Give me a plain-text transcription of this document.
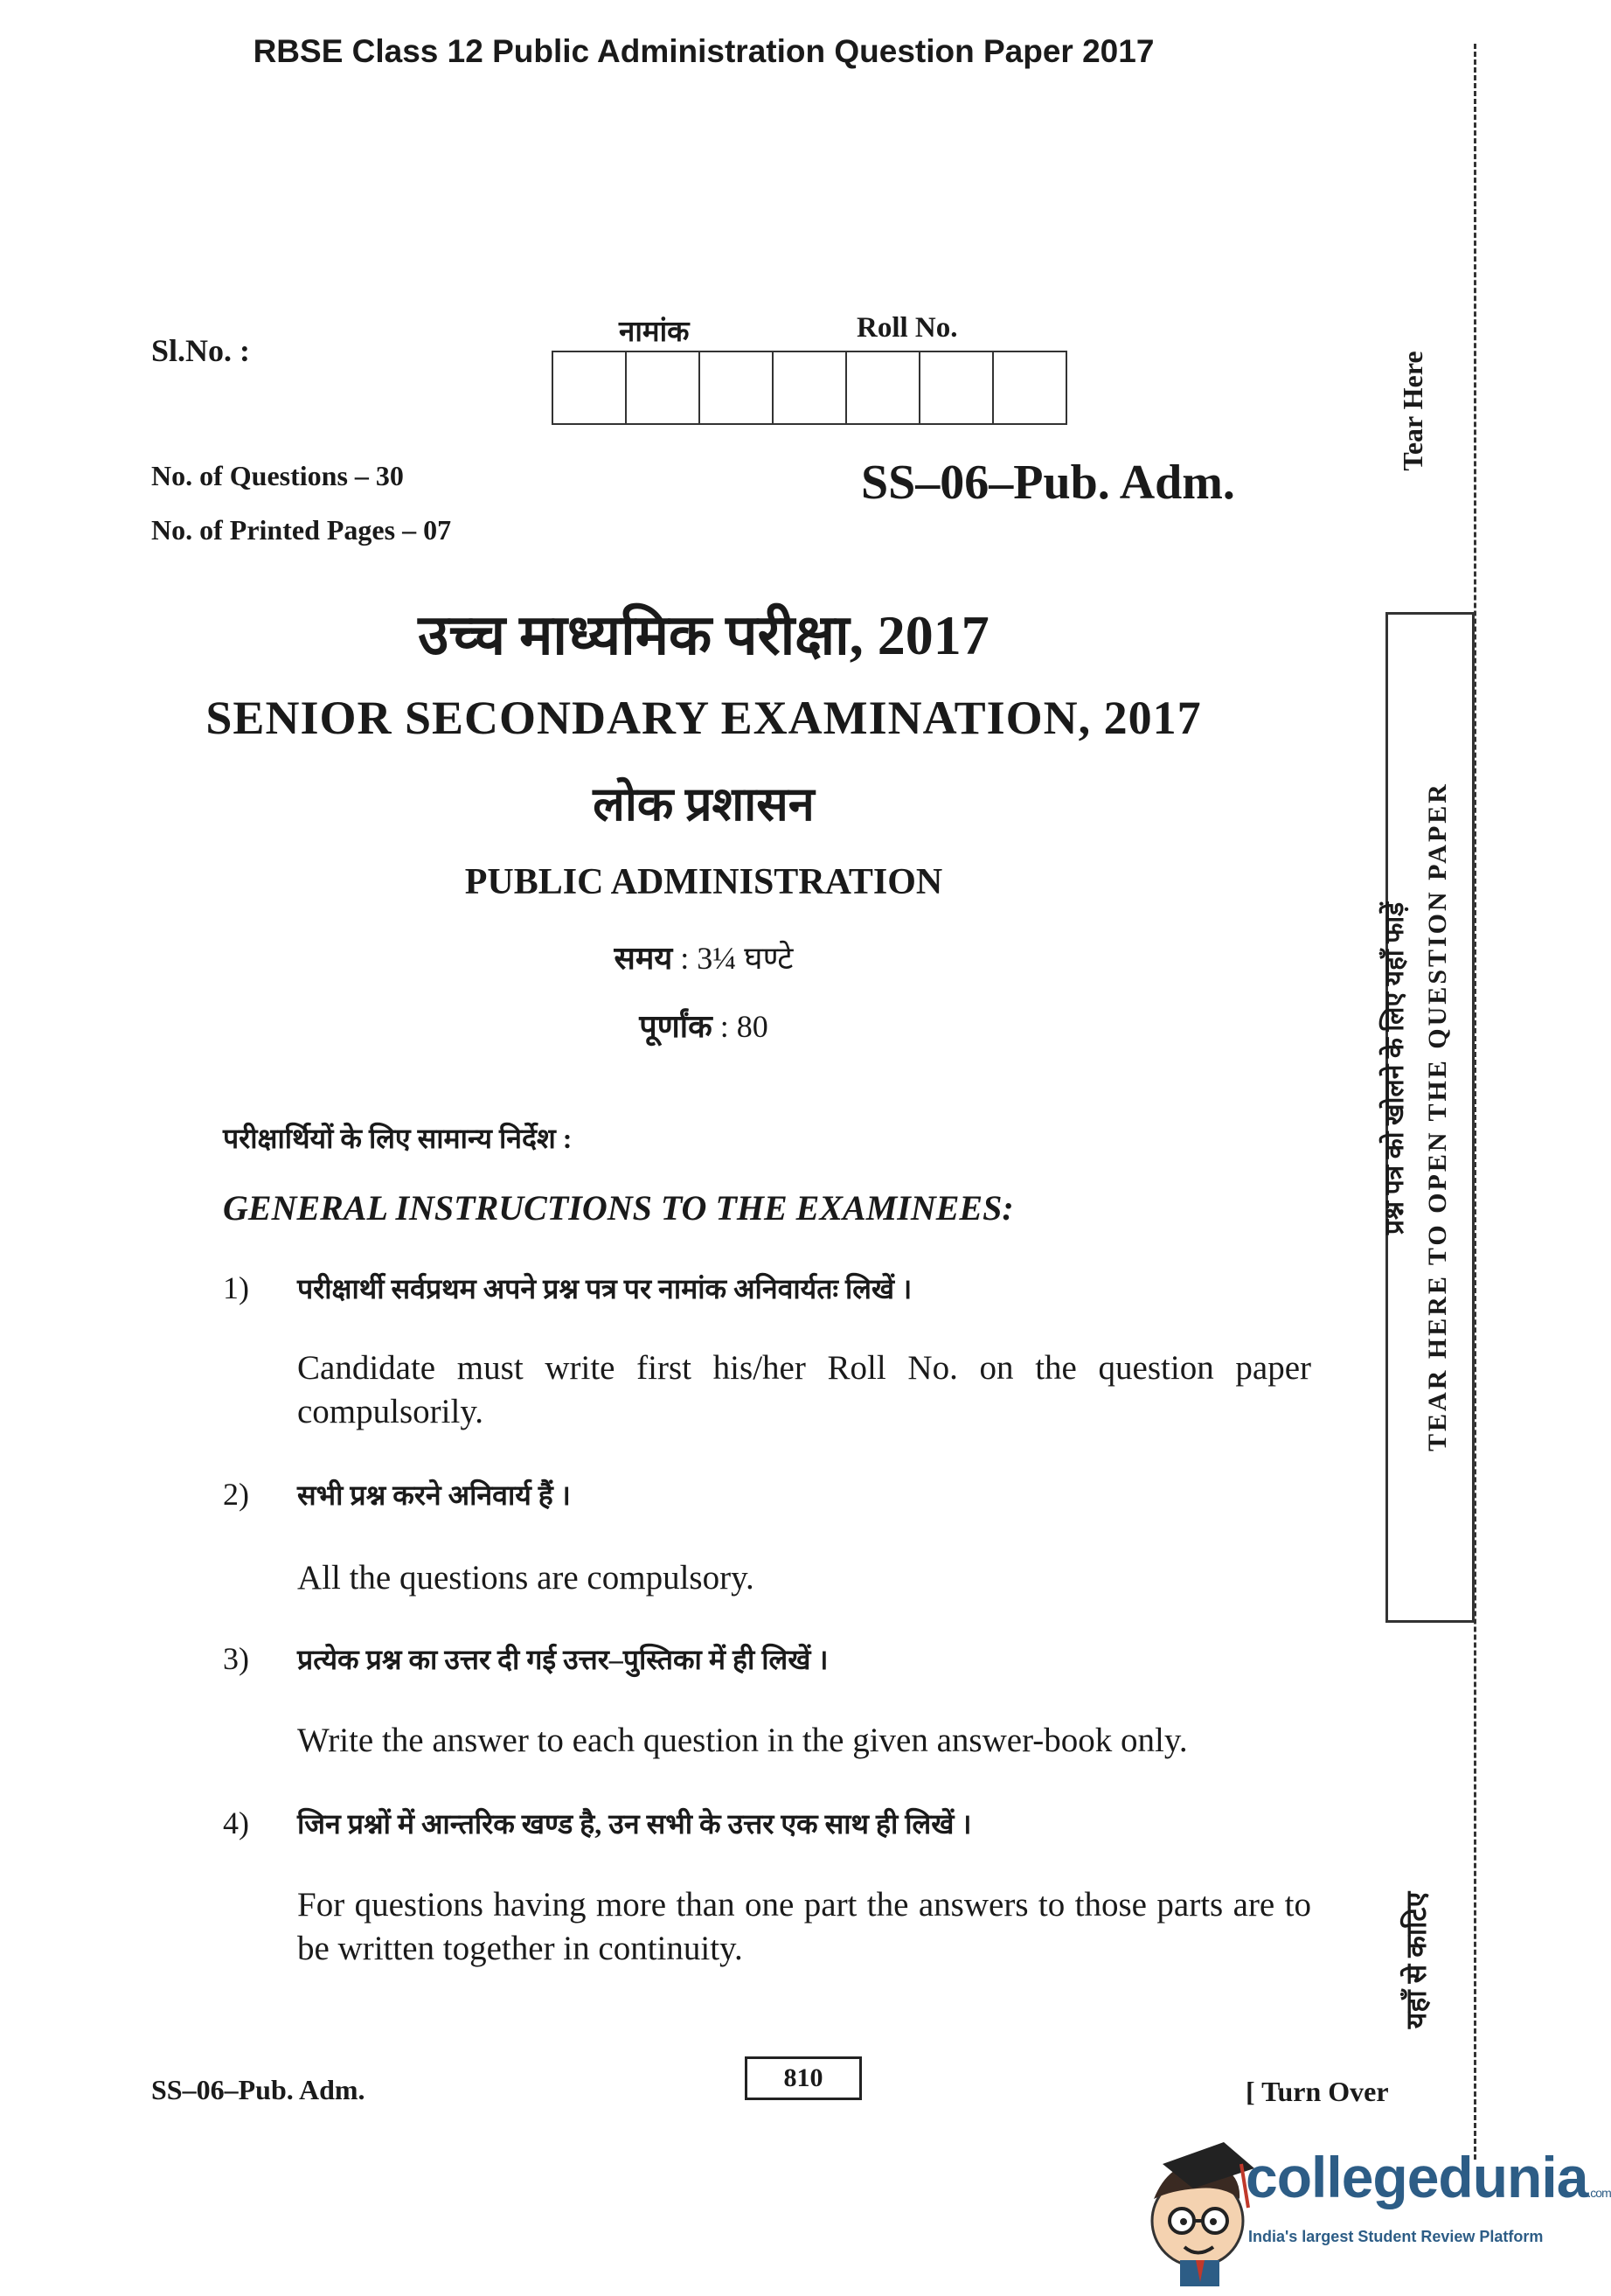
RBSE Class 12 Public Administration Question Paper 2017
Sl.No. :
नामांक	Roll No.
No. of Questions – 30
No. of Printed Pages – 07
SS–06–Pub. Adm.
उच्च माध्यमिक परीक्षा, 2017
SENIOR SECONDARY EXAMINATION, 2017
लोक प्रशासन
PUBLIC ADMINISTRATION
समय : 3¼ घण्टे
पूर्णांक : 80
परीक्षार्थियों के लिए सामान्य निर्देश :
GENERAL INSTRUCTIONS TO THE EXAMINEES:
1) परीक्षार्थी सर्वप्रथम अपने प्रश्न पत्र पर नामांक अनिवार्यतः लिखें ।
Candidate must write first his/her Roll No. on the question paper compulsorily.
2) सभी प्रश्न करने अनिवार्य हैं ।
All the questions are compulsory.
3) प्रत्येक प्रश्न का उत्तर दी गई उत्तर–पुस्तिका में ही लिखें ।
Write the answer to each question in the given answer-book only.
4) जिन प्रश्नों में आन्तरिक खण्ड है, उन सभी के उत्तर एक साथ ही लिखें ।
For questions having more than one part the answers to those parts are to be written together in continuity.
SS–06–Pub. Adm.	810	[ Turn Over
Tear Here
प्रश्न पत्र को खोलने के लिए यहाँ फाड़ें TEAR HERE TO OPEN THE QUESTION PAPER
यहाँ से काटिए
collegedunia.com
India's largest Student Review Platform
